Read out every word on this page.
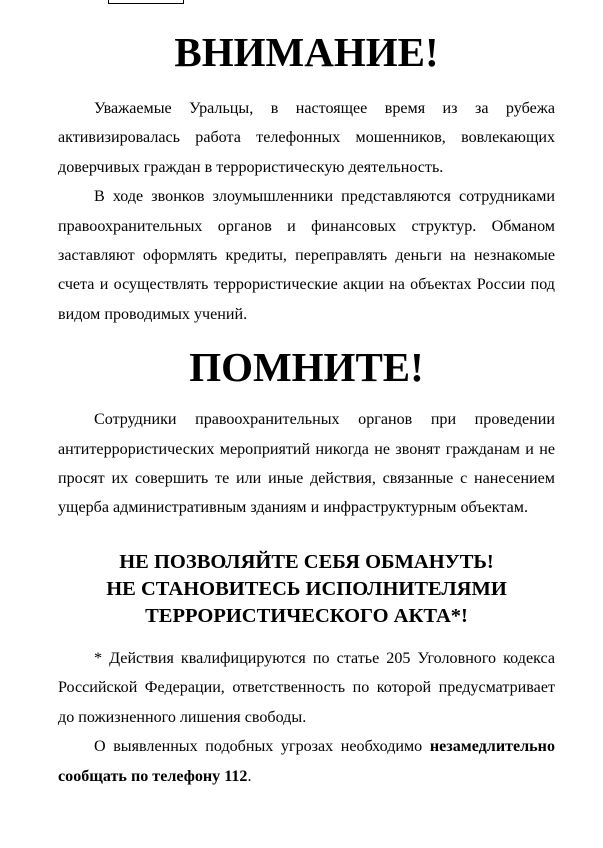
ВНИМАНИЕ!

Уважаемые Уральцы, в настоящее время из за рубежа активизировалась работа телефонных мошенников, вовлекающих доверчивых граждан в террористическую деятельность.

В ходе звонков злоумышленники представляются сотрудниками правоохранительных органов и финансовых структур. Обманом заставляют оформлять кредиты, переправлять деньги на незнакомые счета и осуществлять террористические акции на объектах России под видом проводимых учений.

ПОМНИТЕ!

Сотрудники правоохранительных органов при проведении антитеррористических мероприятий никогда не звонят гражданам и не просят их совершить те или иные действия, связанные с нанесением ущерба административным зданиям и инфраструктурным объектам.

НЕ ПОЗВОЛЯЙТЕ СЕБЯ ОБМАНУТЬ!
НЕ СТАНОВИТЕСЬ ИСПОЛНИТЕЛЯМИ
ТЕРРОРИСТИЧЕСКОГО АКТА*!

* Действия квалифицируются по статье 205 Уголовного кодекса Российской Федерации, ответственность по которой предусматривает до пожизненного лишения свободы.

О выявленных подобных угрозах необходимо незамедлительно сообщать по телефону 112.
